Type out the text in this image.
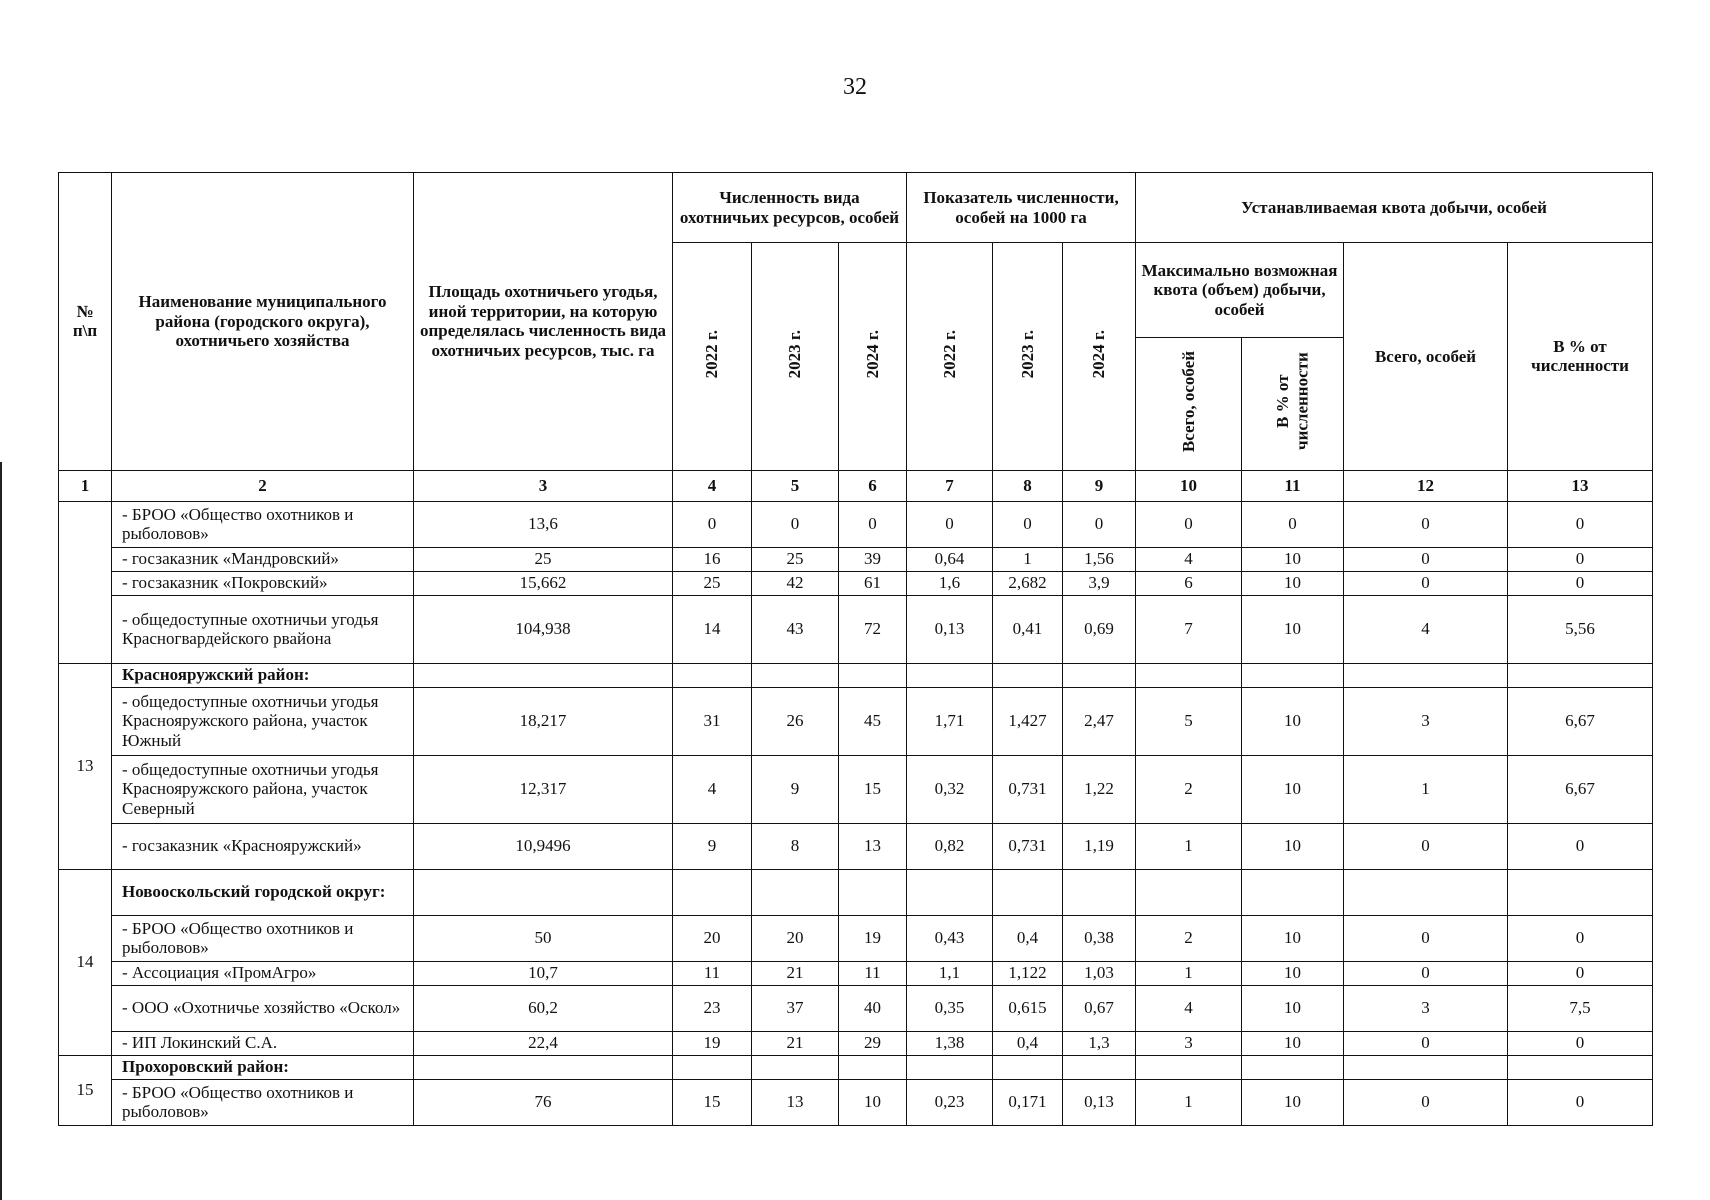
32
№
п\п	Наименование муниципального района (городского округа), охотничьего хозяйства	Площадь охотничьего угодья, иной территории, на которую определялась численность вида охотничьих ресурсов, тыс. га	Численность вида охотничьих ресурсов, особей			Показатель численности, особей на 1000 га			Устанавливаемая квота добычи, особей			
			2022 г.	2023 г.	2024 г.	2022 г.	2023 г.	2024 г.	Максимально возможная квота (объем) добычи, особей		Всего, особей	В % от численности
									Всего, особей	В % от численности		
1	2	3	4	5	6	7	8	9	10	11	12	13
	- БРОО «Общество охотников и рыболовов»	13,6	0	0	0	0	0	0	0	0	0	0
	- госзаказник «Мандровский»	25	16	25	39	0,64	1	1,56	4	10	0	0
	- госзаказник «Покровский»	15,662	25	42	61	1,6	2,682	3,9	6	10	0	0
	- общедоступные охотничьи угодья Красногвардейского рвайона	104,938	14	43	72	0,13	0,41	0,69	7	10	4	5,56
13	Краснояружский район:											
	- общедоступные охотничьи угодья Краснояружского района, участок Южный	18,217	31	26	45	1,71	1,427	2,47	5	10	3	6,67
	- общедоступные охотничьи угодья Краснояружского района, участок Северный	12,317	4	9	15	0,32	0,731	1,22	2	10	1	6,67
	- госзаказник «Краснояружский»	10,9496	9	8	13	0,82	0,731	1,19	1	10	0	0
14	Новооскольский городской округ:											
	- БРОО «Общество охотников и рыболовов»	50	20	20	19	0,43	0,4	0,38	2	10	0	0
	- Ассоциация «ПромАгро»	10,7	11	21	11	1,1	1,122	1,03	1	10	0	0
	- ООО «Охотничье хозяйство «Оскол»	60,2	23	37	40	0,35	0,615	0,67	4	10	3	7,5
	- ИП Локинский С.А.	22,4	19	21	29	1,38	0,4	1,3	3	10	0	0
15	Прохоровский район:											
	- БРОО «Общество охотников и рыболовов»	76	15	13	10	0,23	0,171	0,13	1	10	0	0
